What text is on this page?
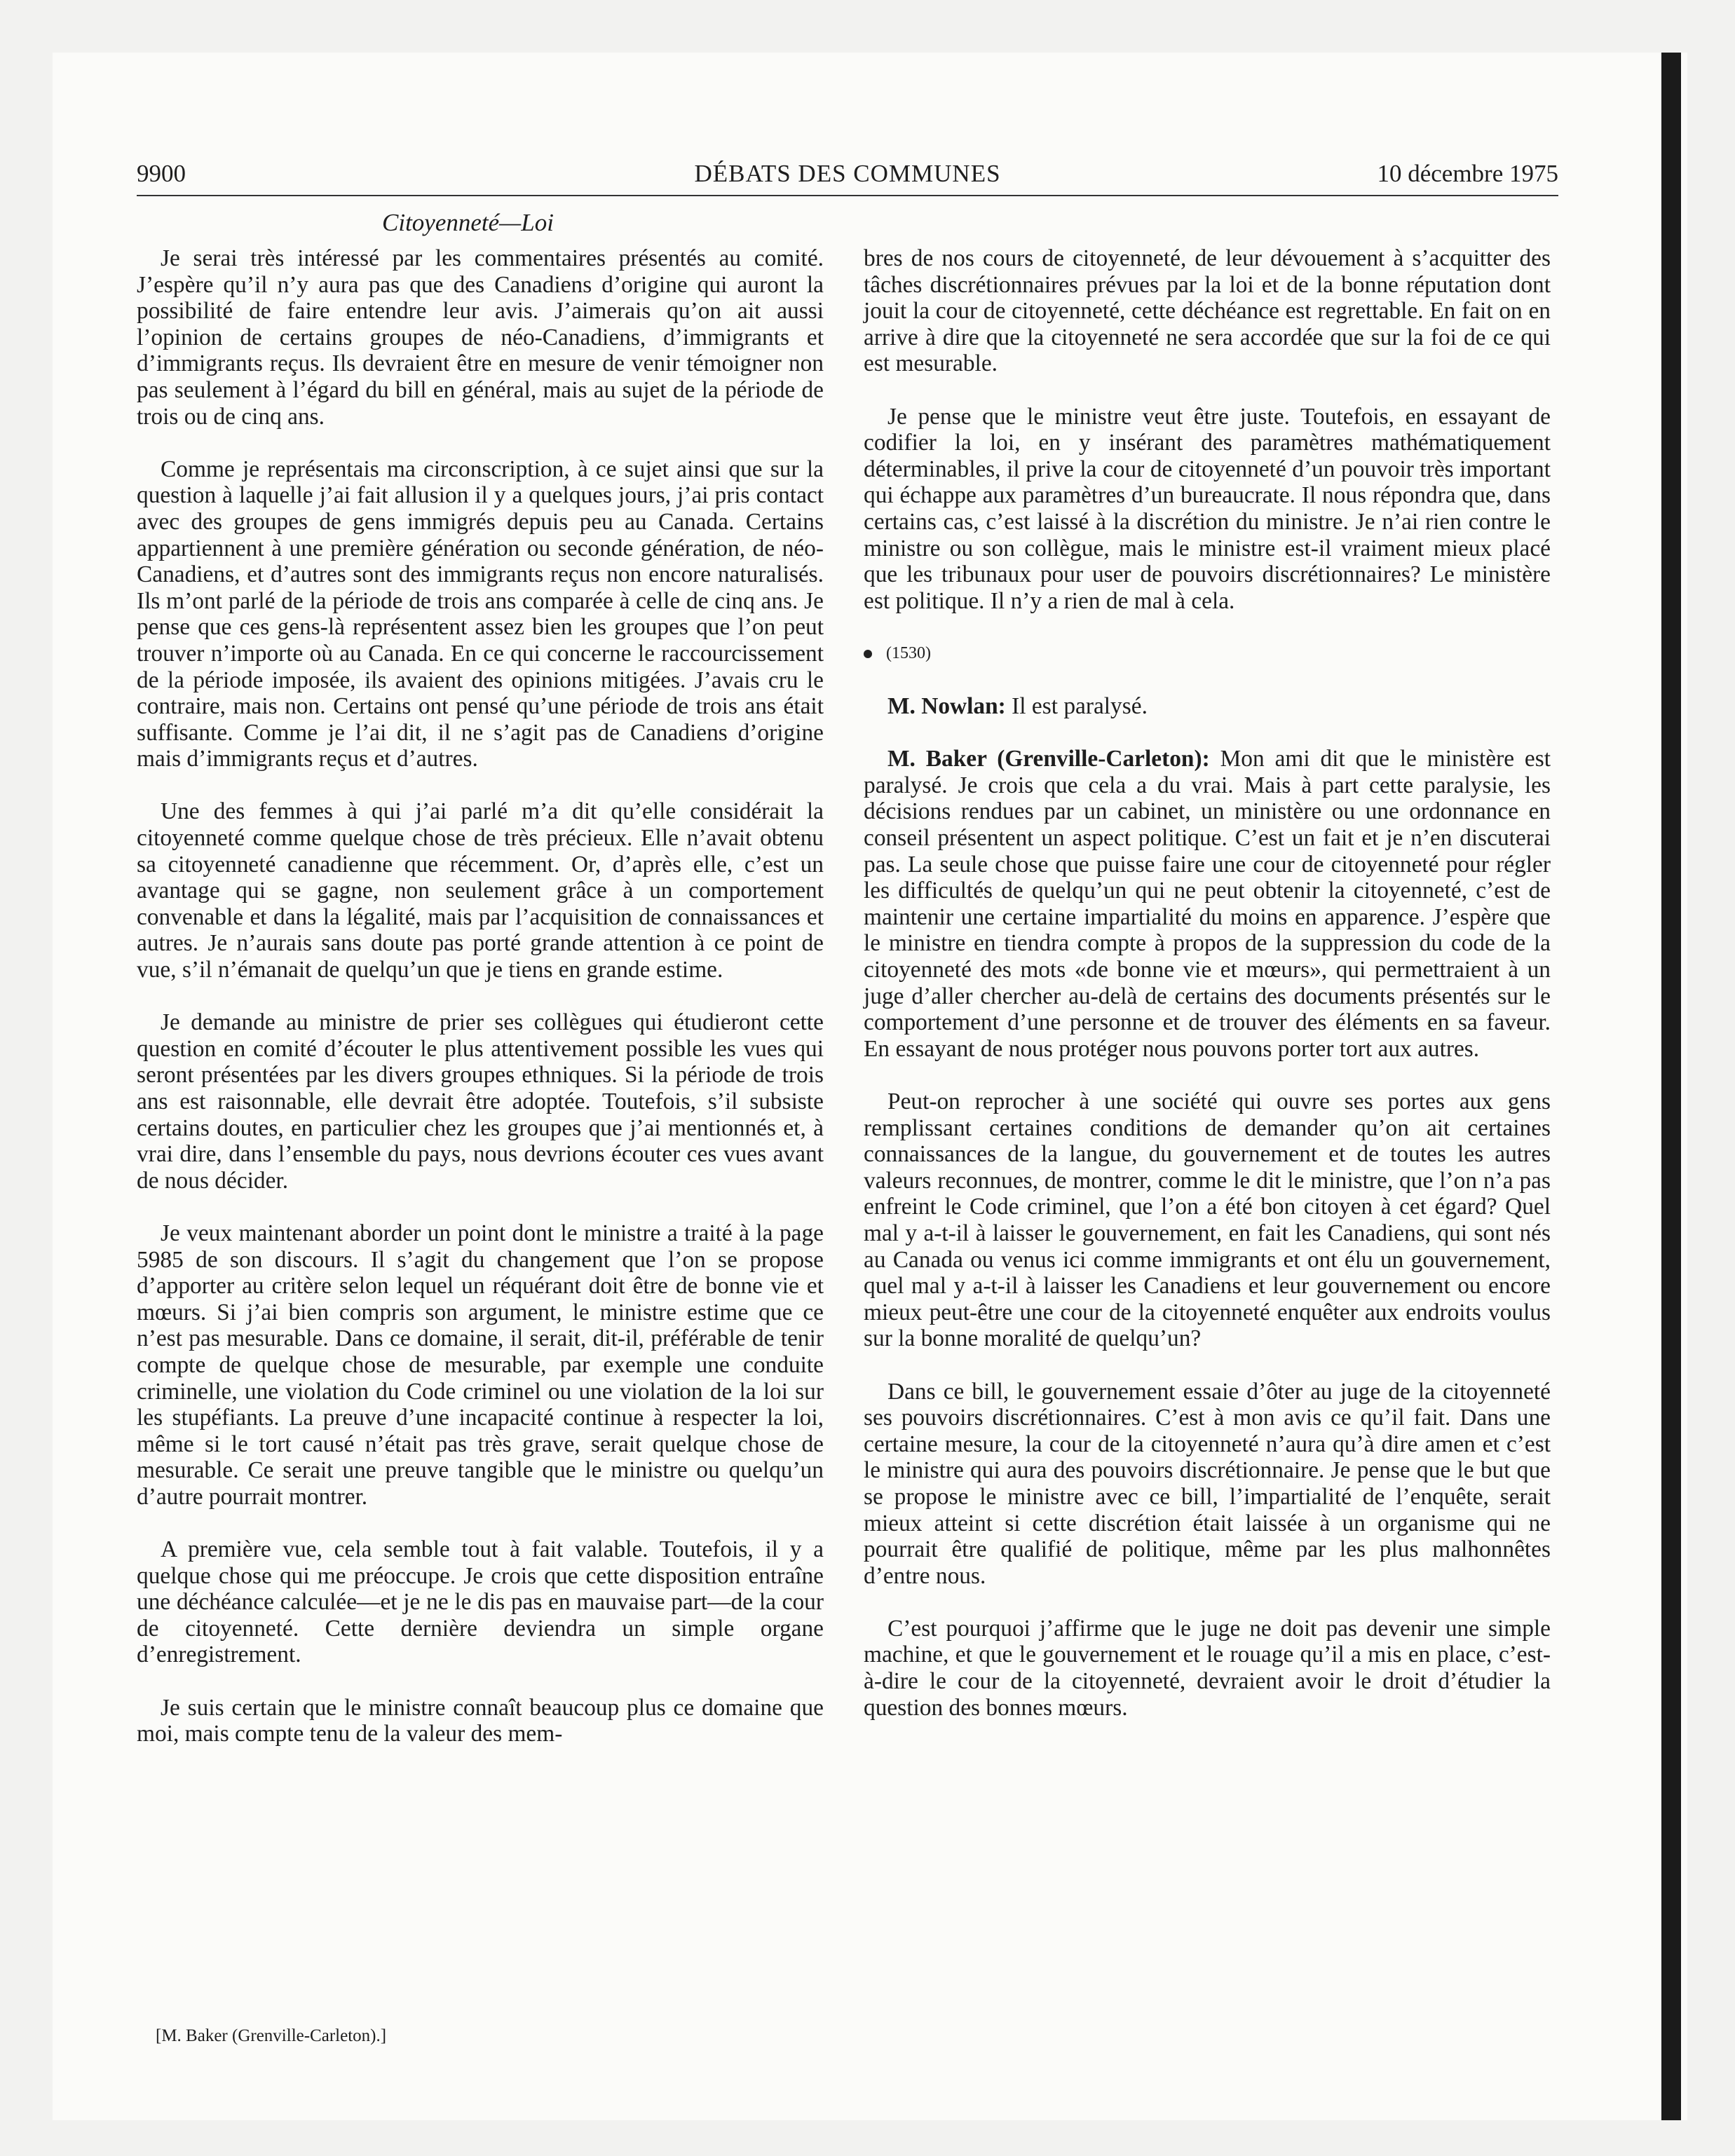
9900	DÉBATS DES COMMUNES	10 décembre 1975
Citoyenneté—Loi

Je serai très intéressé par les commentaires présentés au comité. J’espère qu’il n’y aura pas que des Canadiens d’origine qui auront la possibilité de faire entendre leur avis. J’aimerais qu’on ait aussi l’opinion de certains groupes de néo-Canadiens, d’immigrants et d’immigrants reçus. Ils devraient être en mesure de venir témoigner non pas seulement à l’égard du bill en général, mais au sujet de la période de trois ou de cinq ans.

Comme je représentais ma circonscription, à ce sujet ainsi que sur la question à laquelle j’ai fait allusion il y a quelques jours, j’ai pris contact avec des groupes de gens immigrés depuis peu au Canada. Certains appartiennent à une première génération ou seconde génération, de néo-Canadiens, et d’autres sont des immigrants reçus non encore naturalisés. Ils m’ont parlé de la période de trois ans comparée à celle de cinq ans. Je pense que ces gens-là représentent assez bien les groupes que l’on peut trouver n’importe où au Canada. En ce qui concerne le raccourcissement de la période imposée, ils avaient des opinions mitigées. J’avais cru le contraire, mais non. Certains ont pensé qu’une période de trois ans était suffisante. Comme je l’ai dit, il ne s’agit pas de Canadiens d’origine mais d’immigrants reçus et d’autres.

Une des femmes à qui j’ai parlé m’a dit qu’elle considérait la citoyenneté comme quelque chose de très précieux. Elle n’avait obtenu sa citoyenneté canadienne que récemment. Or, d’après elle, c’est un avantage qui se gagne, non seulement grâce à un comportement convenable et dans la légalité, mais par l’acquisition de connaissances et autres. Je n’aurais sans doute pas porté grande attention à ce point de vue, s’il n’émanait de quelqu’un que je tiens en grande estime.

Je demande au ministre de prier ses collègues qui étudieront cette question en comité d’écouter le plus attentivement possible les vues qui seront présentées par les divers groupes ethniques. Si la période de trois ans est raisonnable, elle devrait être adoptée. Toutefois, s’il subsiste certains doutes, en particulier chez les groupes que j’ai mentionnés et, à vrai dire, dans l’ensemble du pays, nous devrions écouter ces vues avant de nous décider.

Je veux maintenant aborder un point dont le ministre a traité à la page 5985 de son discours. Il s’agit du changement que l’on se propose d’apporter au critère selon lequel un réquérant doit être de bonne vie et mœurs. Si j’ai bien compris son argument, le ministre estime que ce n’est pas mesurable. Dans ce domaine, il serait, dit-il, préférable de tenir compte de quelque chose de mesurable, par exemple une conduite criminelle, une violation du Code criminel ou une violation de la loi sur les stupéfiants. La preuve d’une incapacité continue à respecter la loi, même si le tort causé n’était pas très grave, serait quelque chose de mesurable. Ce serait une preuve tangible que le ministre ou quelqu’un d’autre pourrait montrer.

A première vue, cela semble tout à fait valable. Toutefois, il y a quelque chose qui me préoccupe. Je crois que cette disposition entraîne une déchéance calculée—et je ne le dis pas en mauvaise part—de la cour de citoyenneté. Cette dernière deviendra un simple organe d’enregistrement.

Je suis certain que le ministre connaît beaucoup plus ce domaine que moi, mais compte tenu de la valeur des mem-

bres de nos cours de citoyenneté, de leur dévouement à s’acquitter des tâches discrétionnaires prévues par la loi et de la bonne réputation dont jouit la cour de citoyenneté, cette déchéance est regrettable. En fait on en arrive à dire que la citoyenneté ne sera accordée que sur la foi de ce qui est mesurable.

Je pense que le ministre veut être juste. Toutefois, en essayant de codifier la loi, en y insérant des paramètres mathématiquement déterminables, il prive la cour de citoyenneté d’un pouvoir très important qui échappe aux paramètres d’un bureaucrate. Il nous répondra que, dans certains cas, c’est laissé à la discrétion du ministre. Je n’ai rien contre le ministre ou son collègue, mais le ministre est-il vraiment mieux placé que les tribunaux pour user de pouvoirs discrétionnaires? Le ministère est politique. Il n’y a rien de mal à cela.

(1530)

M. Nowlan: Il est paralysé.

M. Baker (Grenville-Carleton): Mon ami dit que le ministère est paralysé. Je crois que cela a du vrai. Mais à part cette paralysie, les décisions rendues par un cabinet, un ministère ou une ordonnance en conseil présentent un aspect politique. C’est un fait et je n’en discuterai pas. La seule chose que puisse faire une cour de citoyenneté pour régler les difficultés de quelqu’un qui ne peut obtenir la citoyenneté, c’est de maintenir une certaine impartialité du moins en apparence. J’espère que le ministre en tiendra compte à propos de la suppression du code de la citoyenneté des mots «de bonne vie et mœurs», qui permettraient à un juge d’aller chercher au-delà de certains des documents présentés sur le comportement d’une personne et de trouver des éléments en sa faveur. En essayant de nous protéger nous pouvons porter tort aux autres.

Peut-on reprocher à une société qui ouvre ses portes aux gens remplissant certaines conditions de demander qu’on ait certaines connaissances de la langue, du gouvernement et de toutes les autres valeurs reconnues, de montrer, comme le dit le ministre, que l’on n’a pas enfreint le Code criminel, que l’on a été bon citoyen à cet égard? Quel mal y a-t-il à laisser le gouvernement, en fait les Canadiens, qui sont nés au Canada ou venus ici comme immigrants et ont élu un gouvernement, quel mal y a-t-il à laisser les Canadiens et leur gouvernement ou encore mieux peut-être une cour de la citoyenneté enquêter aux endroits voulus sur la bonne moralité de quelqu’un?

Dans ce bill, le gouvernement essaie d’ôter au juge de la citoyenneté ses pouvoirs discrétionnaires. C’est à mon avis ce qu’il fait. Dans une certaine mesure, la cour de la citoyenneté n’aura qu’à dire amen et c’est le ministre qui aura des pouvoirs discrétionnaire. Je pense que le but que se propose le ministre avec ce bill, l’impartialité de l’enquête, serait mieux atteint si cette discrétion était laissée à un organisme qui ne pourrait être qualifié de politique, même par les plus malhonnêtes d’entre nous.

C’est pourquoi j’affirme que le juge ne doit pas devenir une simple machine, et que le gouvernement et le rouage qu’il a mis en place, c’est-à-dire le cour de la citoyenneté, devraient avoir le droit d’étudier la question des bonnes mœurs.

[M. Baker (Grenville-Carleton).]
